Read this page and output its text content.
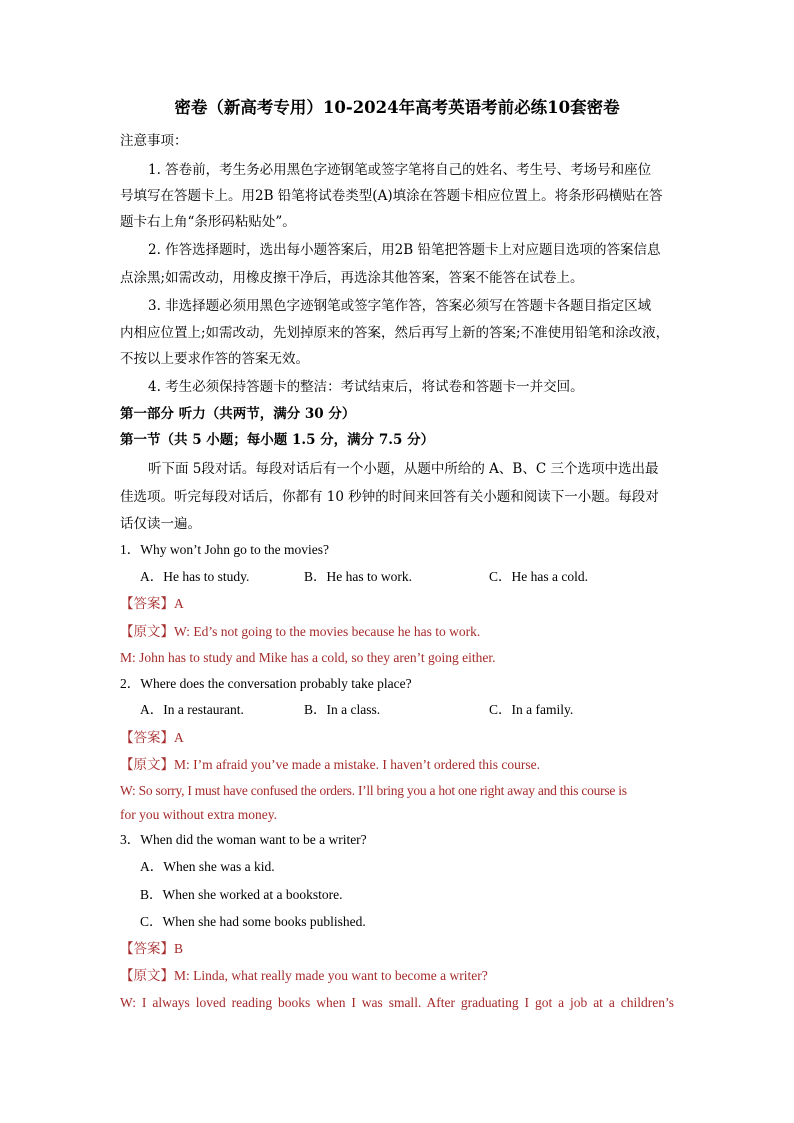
密卷（新高考专用）10-2024年高考英语考前必练10套密卷
注意事项：
1. 答卷前，考生务必用黑色字迹钢笔或签字笔将自己的姓名、考生号、考场号和座位
号填写在答题卡上。用2B 铅笔将试卷类型(A)填涂在答题卡相应位置上。将条形码横贴在答
题卡右上角“条形码粘贴处”。
2. 作答选择题时，选出每小题答案后，用2B 铅笔把答题卡上对应题目选项的答案信息
点涂黑;如需改动，用橡皮擦干净后，再选涂其他答案，答案不能答在试卷上。
3. 非选择题必须用黑色字迹钢笔或签字笔作答，答案必须写在答题卡各题目指定区域
内相应位置上;如需改动，先划掉原来的答案，然后再写上新的答案;不准使用铅笔和涂改液，
不按以上要求作答的答案无效。
4. 考生必须保持答题卡的整洁：考试结束后，将试卷和答题卡一并交回。
第一部分 听力（共两节，满分 30 分）
第一节（共 5 小题；每小题 1.5 分，满分 7.5 分）
听下面 5段对话。每段对话后有一个小题，从题中所给的 A、B、C 三个选项中选出最
佳选项。听完每段对话后，你都有 10 秒钟的时间来回答有关小题和阅读下一小题。每段对
话仅读一遍。
1．Why won’t John go to the movies?
A．He has to study.	B．He has to work.	C．He has a cold.
【答案】A
【原文】W: Ed’s not going to the movies because he has to work.
M: John has to study and Mike has a cold, so they aren’t going either.
2．Where does the conversation probably take place?
A．In a restaurant.	B．In a class.	C．In a family.
【答案】A
【原文】M: I’m afraid you’ve made a mistake. I haven’t ordered this course.
W: So sorry, I must have confused the orders. I’ll bring you a hot one right away and this course is
for you without extra money.
3．When did the woman want to be a writer?
A．When she was a kid.
B．When she worked at a bookstore.
C．When she had some books published.
【答案】B
【原文】M: Linda, what really made you want to become a writer?
W: I always loved reading books when I was small. After graduating I got a job at a children’s
